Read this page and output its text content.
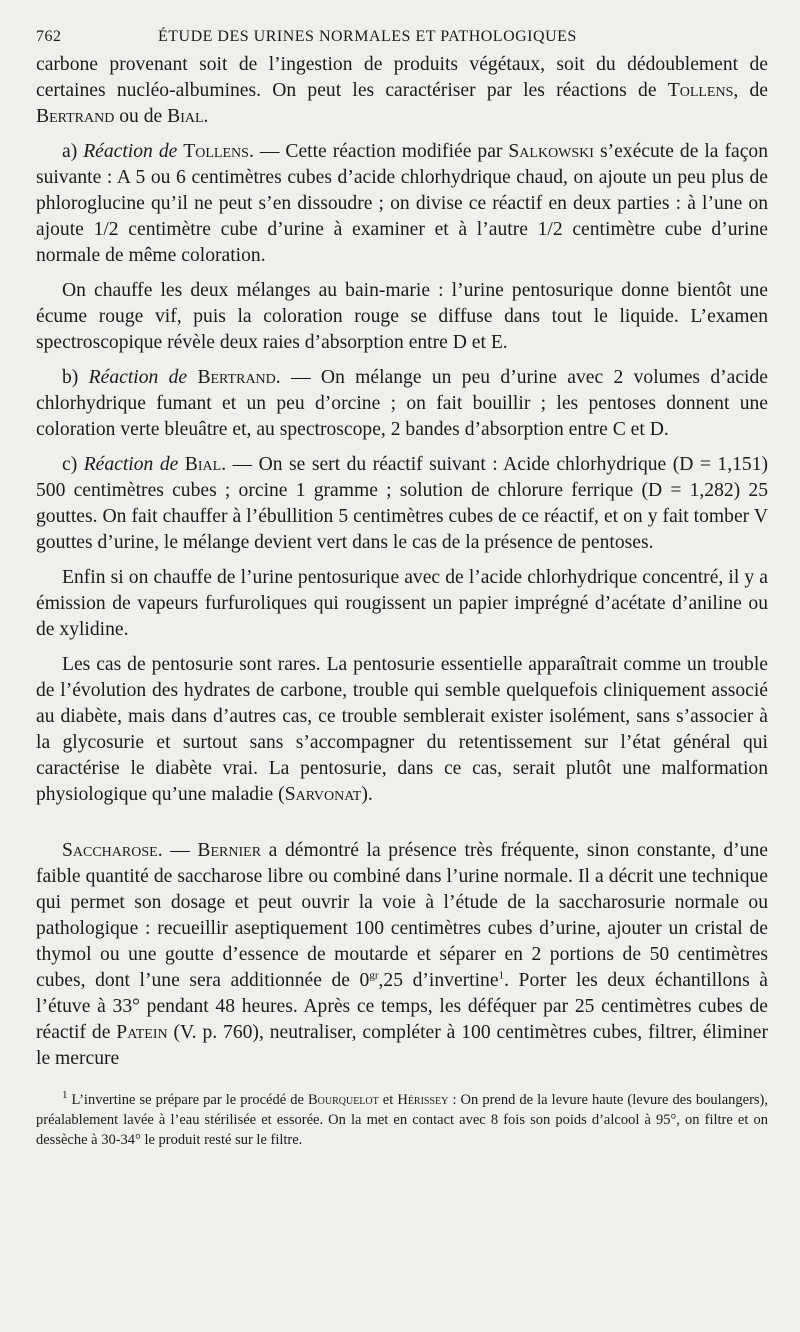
762	ÉTUDE DES URINES NORMALES ET PATHOLOGIQUES

carbone provenant soit de l’ingestion de produits végétaux, soit du dédoublement de certaines nucléo-albumines. On peut les caractériser par les réactions de Tollens, de Bertrand ou de Bial.

a) Réaction de Tollens. — Cette réaction modifiée par Salkowski s’exécute de la façon suivante : A 5 ou 6 centimètres cubes d’acide chlorhydrique chaud, on ajoute un peu plus de phloroglucine qu’il ne peut s’en dissoudre ; on divise ce réactif en deux parties : à l’une on ajoute 1/2 centimètre cube d’urine à examiner et à l’autre 1/2 centimètre cube d’urine normale de même coloration.

On chauffe les deux mélanges au bain-marie : l’urine pentosurique donne bientôt une écume rouge vif, puis la coloration rouge se diffuse dans tout le liquide. L’examen spectroscopique révèle deux raies d’absorption entre D et E.

b) Réaction de Bertrand. — On mélange un peu d’urine avec 2 volumes d’acide chlorhydrique fumant et un peu d’orcine ; on fait bouillir ; les pentoses donnent une coloration verte bleuâtre et, au spectroscope, 2 bandes d’absorption entre C et D.

c) Réaction de Bial. — On se sert du réactif suivant : Acide chlorhydrique (D = 1,151) 500 centimètres cubes ; orcine 1 gramme ; solution de chlorure ferrique (D = 1,282) 25 gouttes. On fait chauffer à l’ébullition 5 centimètres cubes de ce réactif, et on y fait tomber V gouttes d’urine, le mélange devient vert dans le cas de la présence de pentoses.

Enfin si on chauffe de l’urine pentosurique avec de l’acide chlorhydrique concentré, il y a émission de vapeurs furfuroliques qui rougissent un papier imprégné d’acétate d’aniline ou de xylidine.

Les cas de pentosurie sont rares. La pentosurie essentielle apparaîtrait comme un trouble de l’évolution des hydrates de carbone, trouble qui semble quelquefois cliniquement associé au diabète, mais dans d’autres cas, ce trouble semblerait exister isolément, sans s’associer à la glycosurie et surtout sans s’accompagner du retentissement sur l’état général qui caractérise le diabète vrai. La pentosurie, dans ce cas, serait plutôt une malformation physiologique qu’une maladie (Sarvonat).

Saccharose. — Bernier a démontré la présence très fréquente, sinon constante, d’une faible quantité de saccharose libre ou combiné dans l’urine normale. Il a décrit une technique qui permet son dosage et peut ouvrir la voie à l’étude de la saccharosurie normale ou pathologique : recueillir aseptiquement 100 centimètres cubes d’urine, ajouter un cristal de thymol ou une goutte d’essence de moutarde et séparer en 2 portions de 50 centimètres cubes, dont l’une sera additionnée de $0^{gr},25$ d’invertine$^1$. Porter les deux échantillons à l’étuve à 33° pendant 48 heures. Après ce temps, les déféquer par 25 centimètres cubes de réactif de Patein (V. p. 760), neutraliser, compléter à 100 centimètres cubes, filtrer, éliminer le mercure

$^1$ L’invertine se prépare par le procédé de Bourquelot et Hérissey : On prend de la levure haute (levure des boulangers), préalablement lavée à l’eau stérilisée et essorée. On la met en contact avec 8 fois son poids d’alcool à 95°, on filtre et on dessèche à 30-34° le produit resté sur le filtre.
